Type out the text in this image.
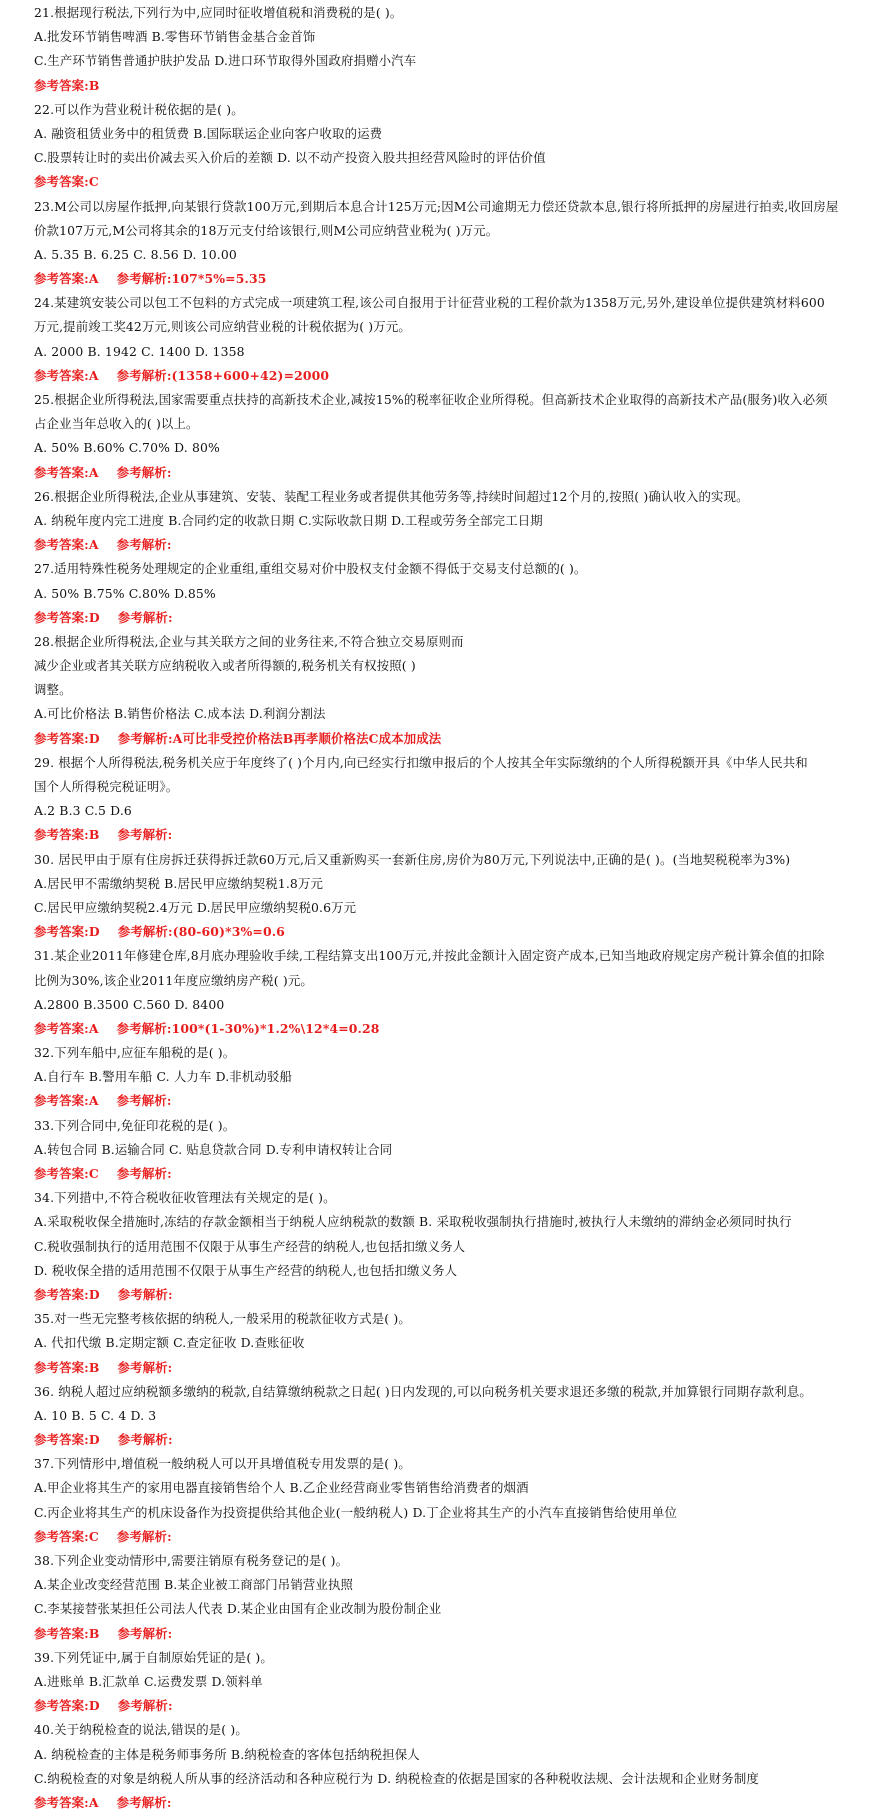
21.根据现行税法,下列行为中,应同时征收增值税和消费税的是( )。
A.批发环节销售啤酒 B.零售环节销售金基合金首饰
C.生产环节销售普通护肤护发品 D.进口环节取得外国政府捐赠小汽车
参考答案:B
22.可以作为营业税计税依据的是( )。
A. 融资租赁业务中的租赁费 B.国际联运企业向客户收取的运费
C.股票转让时的卖出价减去买入价后的差额 D. 以不动产投资入股共担经营风险时的评估价值
参考答案:C
23.M公司以房屋作抵押,向某银行贷款100万元,到期后本息合计125万元;因M公司逾期无力偿还贷款本息,银行将所抵押的房屋进行拍卖,收回房屋
价款107万元,M公司将其余的18万元支付给该银行,则M公司应纳营业税为( )万元。
A. 5.35 B. 6.25 C. 8.56 D. 10.00
参考答案:A 参考解析:107*5%=5.35
24.某建筑安装公司以包工不包料的方式完成一项建筑工程,该公司自报用于计征营业税的工程价款为1358万元,另外,建设单位提供建筑材料600
万元,提前竣工奖42万元,则该公司应纳营业税的计税依据为( )万元。
A. 2000 B. 1942 C. 1400 D. 1358
参考答案:A 参考解析:(1358+600+42)=2000
25.根据企业所得税法,国家需要重点扶持的高新技术企业,减按15%的税率征收企业所得税。但高新技术企业取得的高新技术产品(服务)收入必须
占企业当年总收入的( )以上。
A. 50% B.60% C.70% D. 80%
参考答案:A 参考解析:
26.根据企业所得税法,企业从事建筑、安装、装配工程业务或者提供其他劳务等,持续时间超过12个月的,按照( )确认收入的实现。
A. 纳税年度内完工进度 B.合同约定的收款日期 C.实际收款日期 D.工程或劳务全部完工日期
参考答案:A 参考解析:
27.适用特殊性税务处理规定的企业重组,重组交易对价中股权支付金额不得低于交易支付总额的( )。
A. 50% B.75% C.80% D.85%
参考答案:D 参考解析:
28.根据企业所得税法,企业与其关联方之间的业务往来,不符合独立交易原则而
减少企业或者其关联方应纳税收入或者所得额的,税务机关有权按照( )
调整。
A.可比价格法 B.销售价格法 C.成本法 D.利润分割法
参考答案:D 参考解析:A可比非受控价格法B再孝顺价格法C成本加成法
29. 根据个人所得税法,税务机关应于年度终了( )个月内,向已经实行扣缴申报后的个人按其全年实际缴纳的个人所得税额开具《中华人民共和
国个人所得税完税证明》。
A.2 B.3 C.5 D.6
参考答案:B 参考解析:
30. 居民甲由于原有住房拆迁获得拆迁款60万元,后又重新购买一套新住房,房价为80万元,下列说法中,正确的是( )。(当地契税税率为3%)
A.居民甲不需缴纳契税 B.居民甲应缴纳契税1.8万元
C.居民甲应缴纳契税2.4万元 D.居民甲应缴纳契税0.6万元
参考答案:D 参考解析:(80-60)*3%=0.6
31.某企业2011年修建仓库,8月底办理验收手续,工程结算支出100万元,并按此金额计入固定资产成本,已知当地政府规定房产税计算余值的扣除
比例为30%,该企业2011年度应缴纳房产税( )元。
A.2800 B.3500 C.560 D. 8400
参考答案:A 参考解析:100*(1-30%)*1.2%\12*4=0.28
32.下列车船中,应征车船税的是( )。
A.自行车 B.警用车船 C. 人力车 D.非机动驳船
参考答案:A 参考解析:
33.下列合同中,免征印花税的是( )。
A.转包合同 B.运输合同 C. 贴息贷款合同 D.专利申请权转让合同
参考答案:C 参考解析:
34.下列措中,不符合税收征收管理法有关规定的是( )。
A.采取税收保全措施时,冻结的存款金额相当于纳税人应纳税款的数额 B. 采取税收强制执行措施时,被执行人未缴纳的滞纳金必须同时执行
C.税收强制执行的适用范围不仅限于从事生产经营的纳税人,也包括扣缴义务人
D. 税收保全措的适用范围不仅限于从事生产经营的纳税人,也包括扣缴义务人
参考答案:D 参考解析:
35.对一些无完整考核依据的纳税人,一般采用的税款征收方式是( )。
A. 代扣代缴 B.定期定额 C.查定征收 D.查账征收
参考答案:B 参考解析:
36. 纳税人超过应纳税额多缴纳的税款,自结算缴纳税款之日起( )日内发现的,可以向税务机关要求退还多缴的税款,并加算银行同期存款利息。
A. 10 B. 5 C. 4 D. 3
参考答案:D 参考解析:
37.下列情形中,增值税一般纳税人可以开具增值税专用发票的是( )。
A.甲企业将其生产的家用电器直接销售给个人 B.乙企业经营商业零售销售给消费者的烟酒
C.丙企业将其生产的机床设备作为投资提供给其他企业(一般纳税人) D.丁企业将其生产的小汽车直接销售给使用单位
参考答案:C 参考解析:
38.下列企业变动情形中,需要注销原有税务登记的是( )。
A.某企业改变经营范围 B.某企业被工商部门吊销营业执照
C.李某接替张某担任公司法人代表 D.某企业由国有企业改制为股份制企业
参考答案:B 参考解析:
39.下列凭证中,属于自制原始凭证的是( )。
A.进账单 B.汇款单 C.运费发票 D.领料单
参考答案:D 参考解析:
40.关于纳税检查的说法,错误的是( )。
A. 纳税检查的主体是税务师事务所 B.纳税检查的客体包括纳税担保人
C.纳税检查的对象是纳税人所从事的经济活动和各种应税行为 D. 纳税检查的依据是国家的各种税收法规、会计法规和企业财务制度
参考答案:A 参考解析:
